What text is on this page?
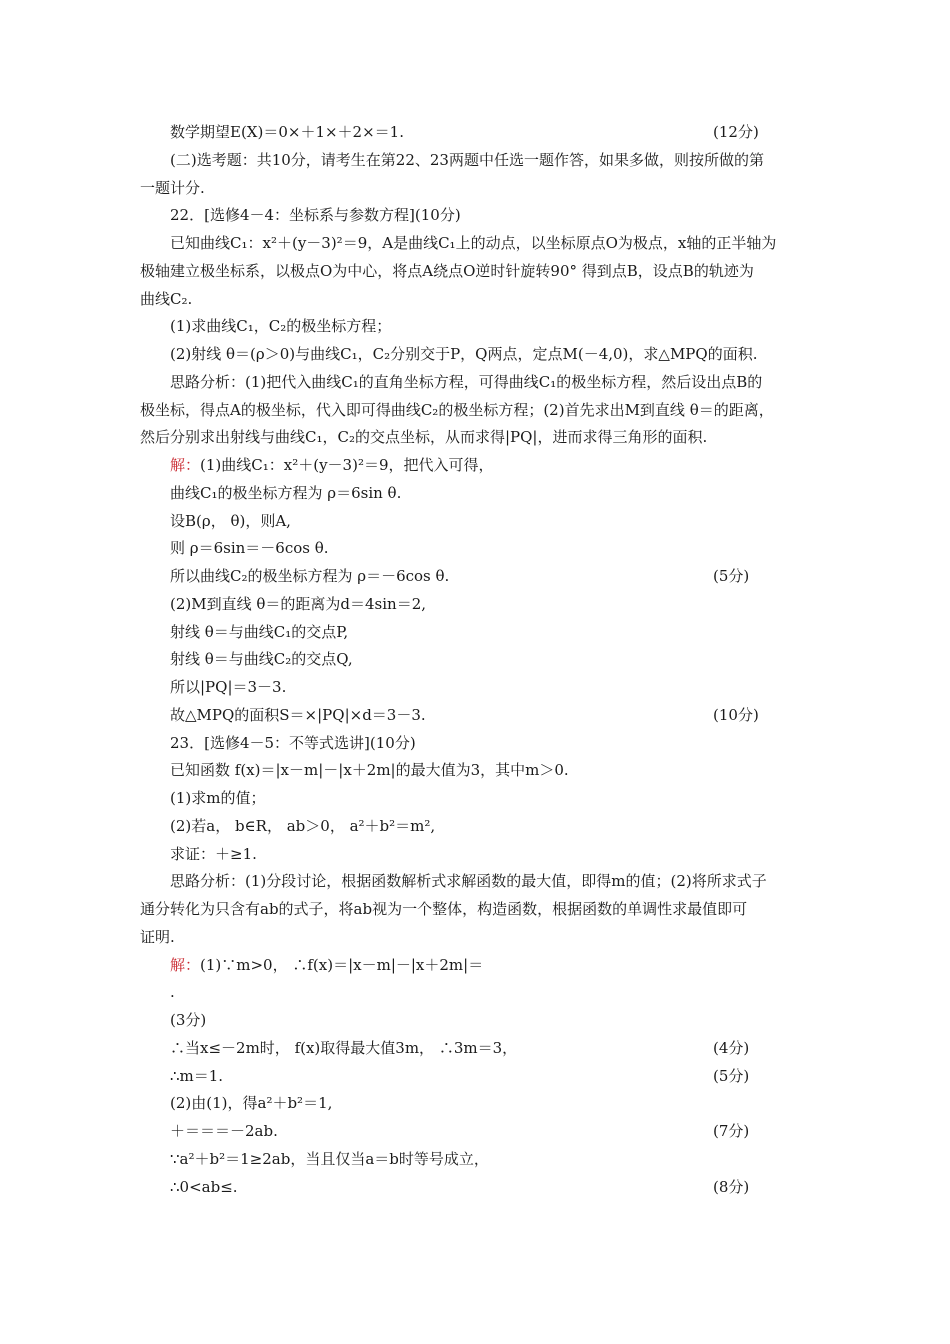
数学期望E(X)＝0×＋1×＋2×＝1.	(12分)
(二)选考题：共10分，请考生在第22、23两题中任选一题作答，如果多做，则按所做的第
一题计分.
22．[选修4－4：坐标系与参数方程](10分)
已知曲线C₁：x²＋(y－3)²＝9，A是曲线C₁上的动点，以坐标原点O为极点，x轴的正半轴为
极轴建立极坐标系，以极点O为中心，将点A绕点O逆时针旋转90° 得到点B，设点B的轨迹为
曲线C₂.
(1)求曲线C₁，C₂的极坐标方程；
(2)射线 θ＝(ρ＞0)与曲线C₁，C₂分别交于P，Q两点，定点M(－4,0)，求△MPQ的面积.
思路分析：(1)把代入曲线C₁的直角坐标方程，可得曲线C₁的极坐标方程，然后设出点B的
极坐标，得点A的极坐标，代入即可得曲线C₂的极坐标方程；(2)首先求出M到直线 θ＝的距离，
然后分别求出射线与曲线C₁，C₂的交点坐标，从而求得|PQ|，进而求得三角形的面积.
解：(1)曲线C₁：x²＋(y－3)²＝9，把代入可得，
曲线C₁的极坐标方程为 ρ＝6sin θ.
设B(ρ， θ)，则A,
则 ρ＝6sin＝－6cos θ.
所以曲线C₂的极坐标方程为 ρ＝－6cos θ.	(5分)
(2)M到直线 θ＝的距离为d＝4sin＝2,
射线 θ＝与曲线C₁的交点P,
射线 θ＝与曲线C₂的交点Q,
所以|PQ|＝3－3.
故△MPQ的面积S＝×|PQ|×d＝3－3.	(10分)
23．[选修4－5：不等式选讲](10分)
已知函数 f(x)＝|x－m|－|x＋2m|的最大值为3，其中m＞0.
(1)求m的值；
(2)若a， b∈R， ab＞0， a²＋b²＝m²,
求证：＋≥1.
思路分析：(1)分段讨论，根据函数解析式求解函数的最大值，即得m的值；(2)将所求式子
通分转化为只含有ab的式子，将ab视为一个整体，构造函数，根据函数的单调性求最值即可
证明.
解：(1)∵m>0， ∴f(x)＝|x－m|－|x＋2m|＝
.
(3分)
∴当x≤－2m时， f(x)取得最大值3m， ∴3m＝3，	(4分)
∴m＝1.	(5分)
(2)由(1)，得a²＋b²＝1,
＋＝＝＝－2ab.	(7分)
∵a²＋b²＝1≥2ab，当且仅当a＝b时等号成立，
∴0<ab≤.	(8分)
